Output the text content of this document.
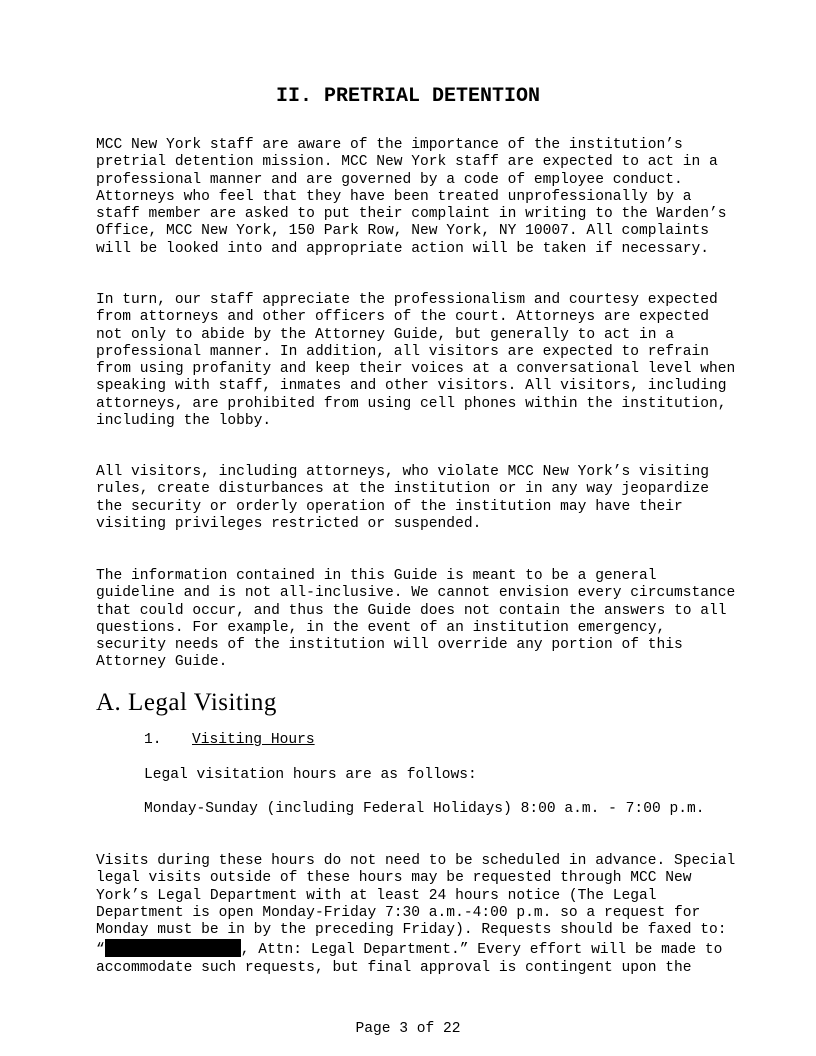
II. PRETRIAL DETENTION

MCC New York staff are aware of the importance of the institution’s pretrial detention mission. MCC New York staff are expected to act in a professional manner and are governed by a code of employee conduct. Attorneys who feel that they have been treated unprofessionally by a staff member are asked to put their complaint in writing to the Warden’s Office, MCC New York, 150 Park Row, New York, NY 10007. All complaints will be looked into and appropriate action will be taken if necessary.

In turn, our staff appreciate the professionalism and courtesy expected from attorneys and other officers of the court. Attorneys are expected not only to abide by the Attorney Guide, but generally to act in a professional manner. In addition, all visitors are expected to refrain from using profanity and keep their voices at a conversational level when speaking with staff, inmates and other visitors. All visitors, including attorneys, are prohibited from using cell phones within the institution, including the lobby.

All visitors, including attorneys, who violate MCC New York’s visiting rules, create disturbances at the institution or in any way jeopardize the security or orderly operation of the institution may have their visiting privileges restricted or suspended.

The information contained in this Guide is meant to be a general guideline and is not all-inclusive. We cannot envision every circumstance that could occur, and thus the Guide does not contain the answers to all questions. For example, in the event of an institution emergency, security needs of the institution will override any portion of this Attorney Guide.

A. Legal Visiting
1. Visiting Hours

Legal visitation hours are as follows:

Monday-Sunday (including Federal Holidays) 8:00 a.m. - 7:00 p.m.

Visits during these hours do not need to be scheduled in advance. Special legal visits outside of these hours may be requested through MCC New York’s Legal Department with at least 24 hours notice (The Legal Department is open Monday-Friday 7:30 a.m.-4:00 p.m. so a request for Monday must be in by the preceding Friday). Requests should be faxed to: “	, Attn: Legal Department.” Every effort will be made to accommodate such requests, but final approval is contingent upon the

Page 3 of 22
